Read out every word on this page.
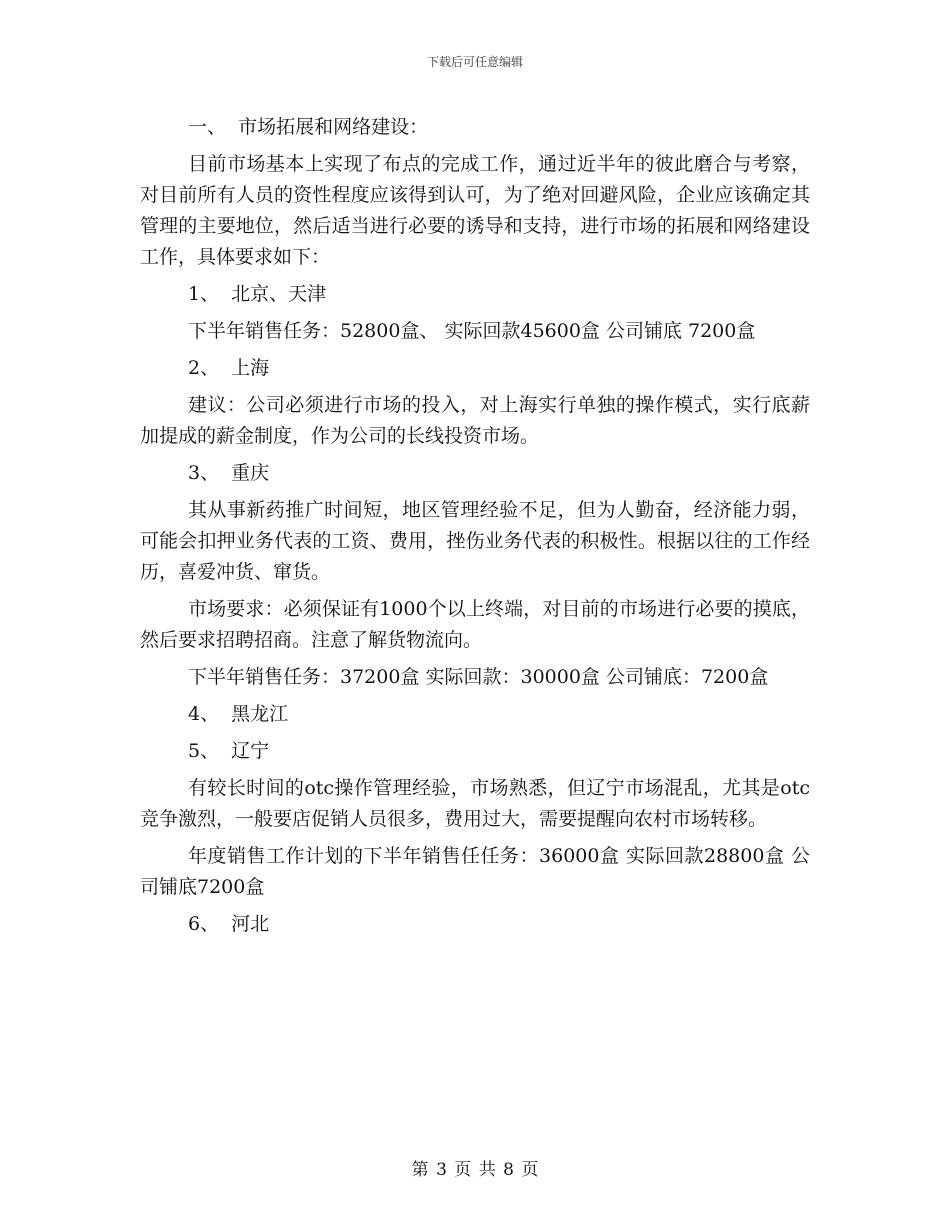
下载后可任意编辑

一、  市场拓展和网络建设：

目前市场基本上实现了布点的完成工作，通过近半年的彼此磨合与考察，对目前所有人员的资性程度应该得到认可，为了绝对回避风险，企业应该确定其管理的主要地位，然后适当进行必要的诱导和支持，进行市场的拓展和网络建设工作，具体要求如下：

1、  北京、天津

下半年销售任务：52800盒、 实际回款45600盒 公司铺底 7200盒

2、  上海

建议：公司必须进行市场的投入，对上海实行单独的操作模式，实行底薪加提成的薪金制度，作为公司的长线投资市场。

3、  重庆

其从事新药推广时间短，地区管理经验不足，但为人勤奋，经济能力弱，可能会扣押业务代表的工资、费用，挫伤业务代表的积极性。根据以往的工作经历，喜爱冲货、窜货。

市场要求：必须保证有1000个以上终端，对目前的市场进行必要的摸底，然后要求招聘招商。注意了解货物流向。

下半年销售任务：37200盒 实际回款：30000盒 公司铺底：7200盒

4、  黑龙江

5、  辽宁

有较长时间的otc操作管理经验，市场熟悉，但辽宁市场混乱，尤其是otc竞争激烈，一般要店促销人员很多，费用过大，需要提醒向农村市场转移。

年度销售工作计划的下半年销售任任务：36000盒 实际回款28800盒 公司铺底7200盒

6、  河北

第 3 页 共 8 页
